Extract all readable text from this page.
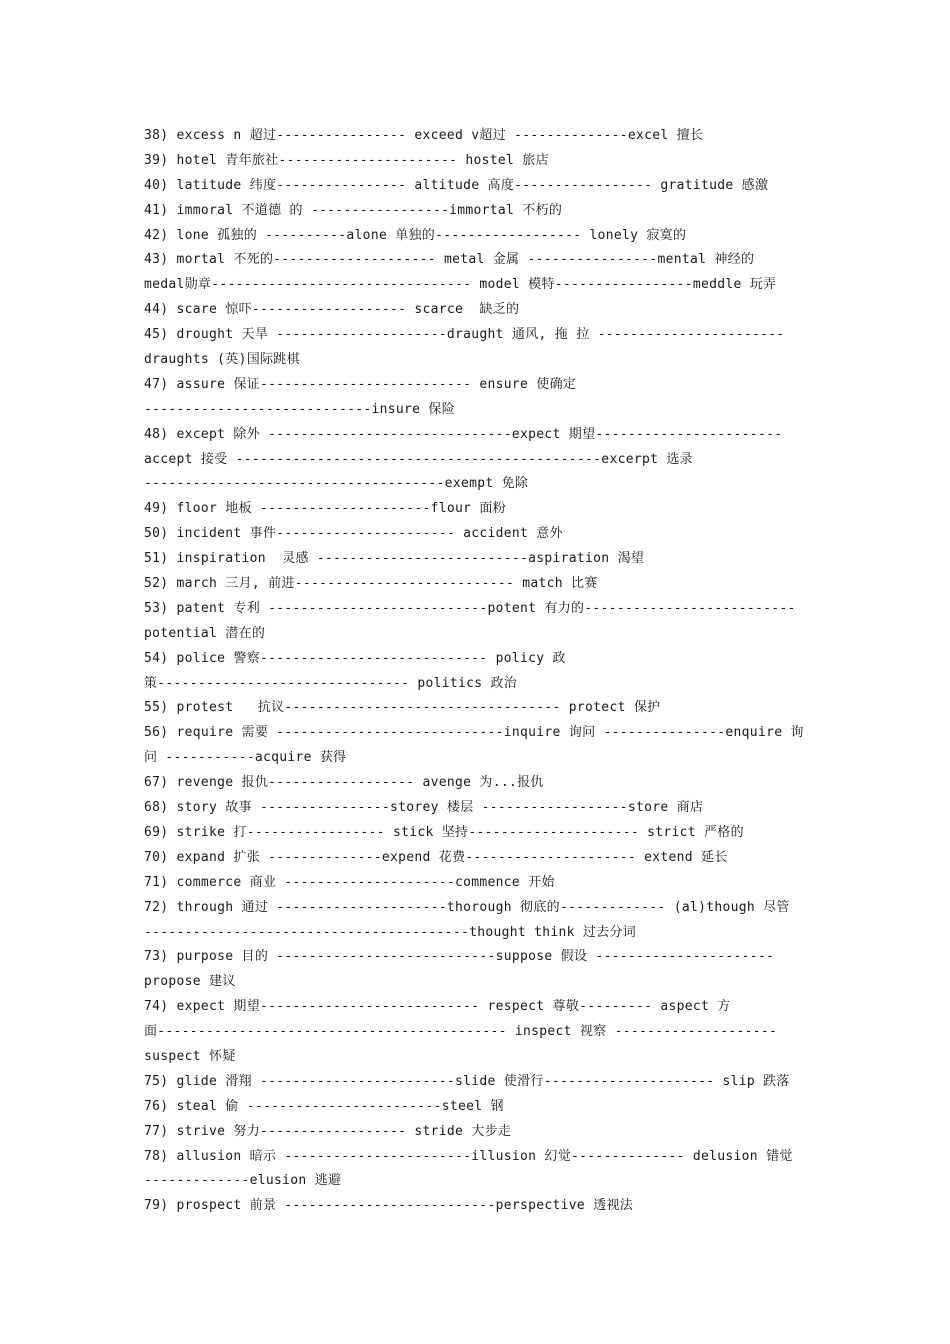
38) excess n 超过---------------- exceed v超过 --------------excel 擅长
39) hotel 青年旅社---------------------- hostel 旅店
40) latitude 纬度---------------- altitude 高度----------------- gratitude 感激
41) immoral 不道德 的 -----------------immortal 不朽的
42) lone 孤独的 ----------alone 单独的------------------ lonely 寂寞的
43) mortal 不死的-------------------- metal 金属 ----------------mental 神经的
medal勋章-------------------------------- model 模特-----------------meddle 玩弄
44) scare 惊吓------------------- scarce  缺乏的
45) drought 天旱 ---------------------draught 通风, 拖 拉 -----------------------
draughts (英)国际跳棋
47) assure 保证-------------------------- ensure 使确定
----------------------------insure 保险
48) except 除外 ------------------------------expect 期望-----------------------
accept 接受 ---------------------------------------------excerpt 选录
-------------------------------------exempt 免除
49) floor 地板 ---------------------flour 面粉
50) incident 事件---------------------- accident 意外
51) inspiration  灵感 --------------------------aspiration 渴望
52) march 三月, 前进--------------------------- match 比赛
53) patent 专利 ---------------------------potent 有力的--------------------------
potential 潜在的
54) police 警察---------------------------- policy 政
策------------------------------- politics 政治
55) protest   抗议---------------------------------- protect 保护
56) require 需要 ----------------------------inquire 询问 ---------------enquire 询
问 -----------acquire 获得
67) revenge 报仇------------------ avenge 为...报仇
68) story 故事 ----------------storey 楼层 ------------------store 商店
69) strike 打----------------- stick 坚持--------------------- strict 严格的
70) expand 扩张 --------------expend 花费--------------------- extend 延长
71) commerce 商业 ---------------------commence 开始
72) through 通过 ---------------------thorough 彻底的------------- (al)though 尽管
----------------------------------------thought think 过去分词
73) purpose 目的 ---------------------------suppose 假设 ----------------------
propose 建议
74) expect 期望--------------------------- respect 尊敬--------- aspect 方
面------------------------------------------- inspect 视察 --------------------
suspect 怀疑
75) glide 滑翔 ------------------------slide 使滑行--------------------- slip 跌落
76) steal 偷 ------------------------steel 钢
77) strive 努力------------------ stride 大步走
78) allusion 暗示 -----------------------illusion 幻觉-------------- delusion 错觉
-------------elusion 逃避
79) prospect 前景 --------------------------perspective 透视法
